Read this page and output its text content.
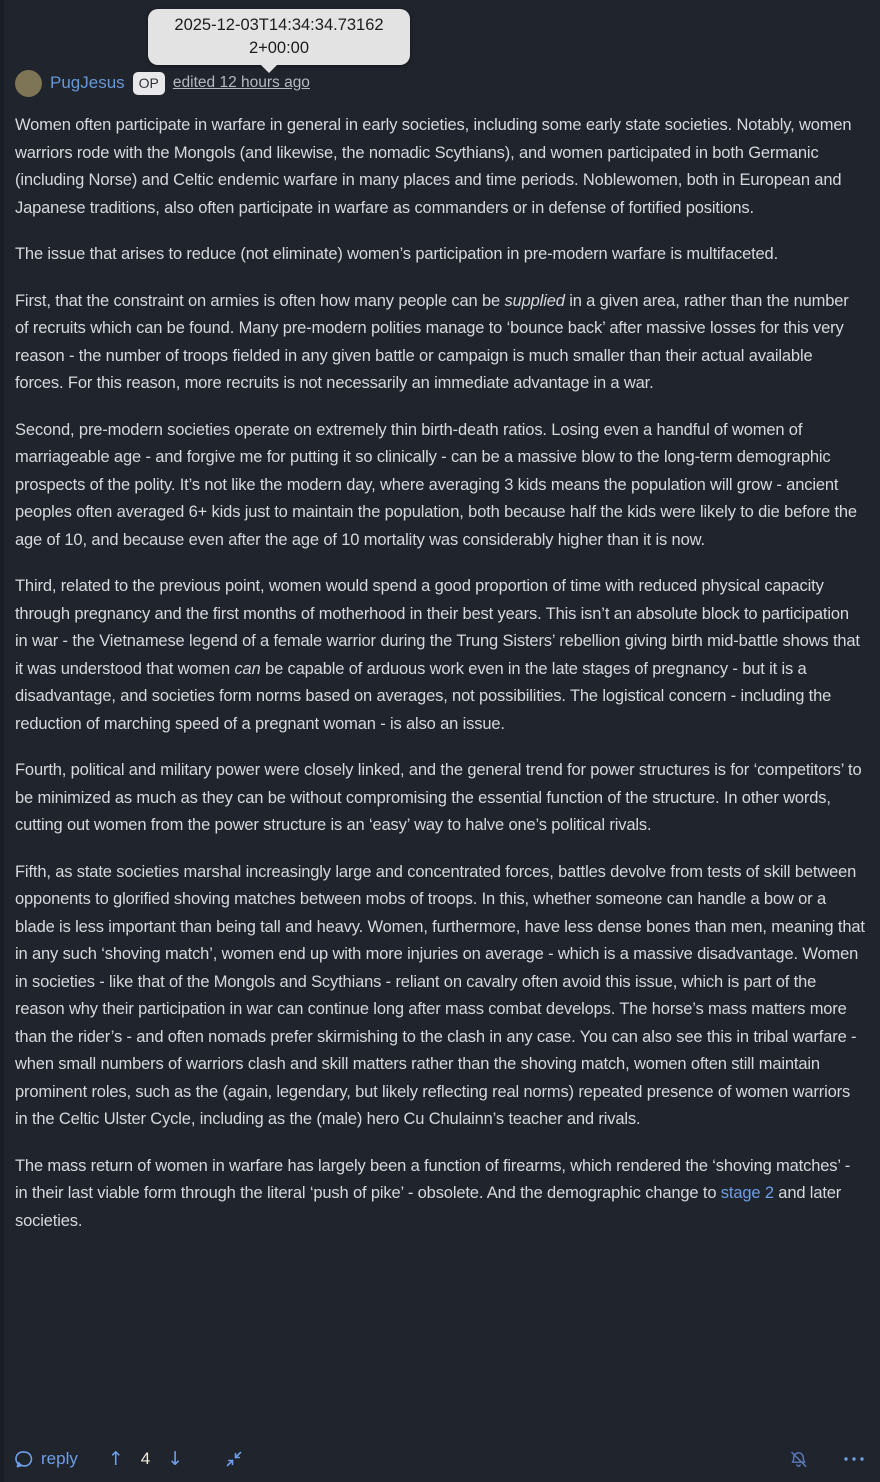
2025-12-03T14:34:34.73162
2+00:00
PugJesus	OP edited 12 hours ago

Women often participate in warfare in general in early societies, including some early state societies. Notably, women warriors rode with the Mongols (and likewise, the nomadic Scythians), and women participated in both Germanic (including Norse) and Celtic endemic warfare in many places and time periods. Noblewomen, both in European and Japanese traditions, also often participate in warfare as commanders or in defense of fortified positions.

The issue that arises to reduce (not eliminate) women’s participation in pre-modern warfare is multifaceted.

First, that the constraint on armies is often how many people can be supplied in a given area, rather than the number of recruits which can be found. Many pre-modern polities manage to ‘bounce back’ after massive losses for this very reason - the number of troops fielded in any given battle or campaign is much smaller than their actual available forces. For this reason, more recruits is not necessarily an immediate advantage in a war.

Second, pre-modern societies operate on extremely thin birth-death ratios. Losing even a handful of women of marriageable age - and forgive me for putting it so clinically - can be a massive blow to the long-term demographic prospects of the polity. It’s not like the modern day, where averaging 3 kids means the population will grow - ancient peoples often averaged 6+ kids just to maintain the population, both because half the kids were likely to die before the age of 10, and because even after the age of 10 mortality was considerably higher than it is now.

Third, related to the previous point, women would spend a good proportion of time with reduced physical capacity through pregnancy and the first months of motherhood in their best years. This isn’t an absolute block to participation in war - the Vietnamese legend of a female warrior during the Trung Sisters’ rebellion giving birth mid-battle shows that it was understood that women can be capable of arduous work even in the late stages of pregnancy - but it is a disadvantage, and societies form norms based on averages, not possibilities. The logistical concern - including the reduction of marching speed of a pregnant woman - is also an issue.

Fourth, political and military power were closely linked, and the general trend for power structures is for ‘competitors’ to be minimized as much as they can be without compromising the essential function of the structure. In other words, cutting out women from the power structure is an ‘easy’ way to halve one’s political rivals.

Fifth, as state societies marshal increasingly large and concentrated forces, battles devolve from tests of skill between opponents to glorified shoving matches between mobs of troops. In this, whether someone can handle a bow or a blade is less important than being tall and heavy. Women, furthermore, have less dense bones than men, meaning that in any such ‘shoving match’, women end up with more injuries on average - which is a massive disadvantage. Women in societies - like that of the Mongols and Scythians - reliant on cavalry often avoid this issue, which is part of the reason why their participation in war can continue long after mass combat develops. The horse’s mass matters more than the rider’s - and often nomads prefer skirmishing to the clash in any case. You can also see this in tribal warfare - when small numbers of warriors clash and skill matters rather than the shoving match, women often still maintain prominent roles, such as the (again, legendary, but likely reflecting real norms) repeated presence of women warriors in the Celtic Ulster Cycle, including as the (male) hero Cu Chulainn’s teacher and rivals.

The mass return of women in warfare has largely been a function of firearms, which rendered the ‘shoving matches’ - in their last viable form through the literal ‘push of pike’ - obsolete. And the demographic change to stage 2 and later societies.

reply ↑ 4 ↓
